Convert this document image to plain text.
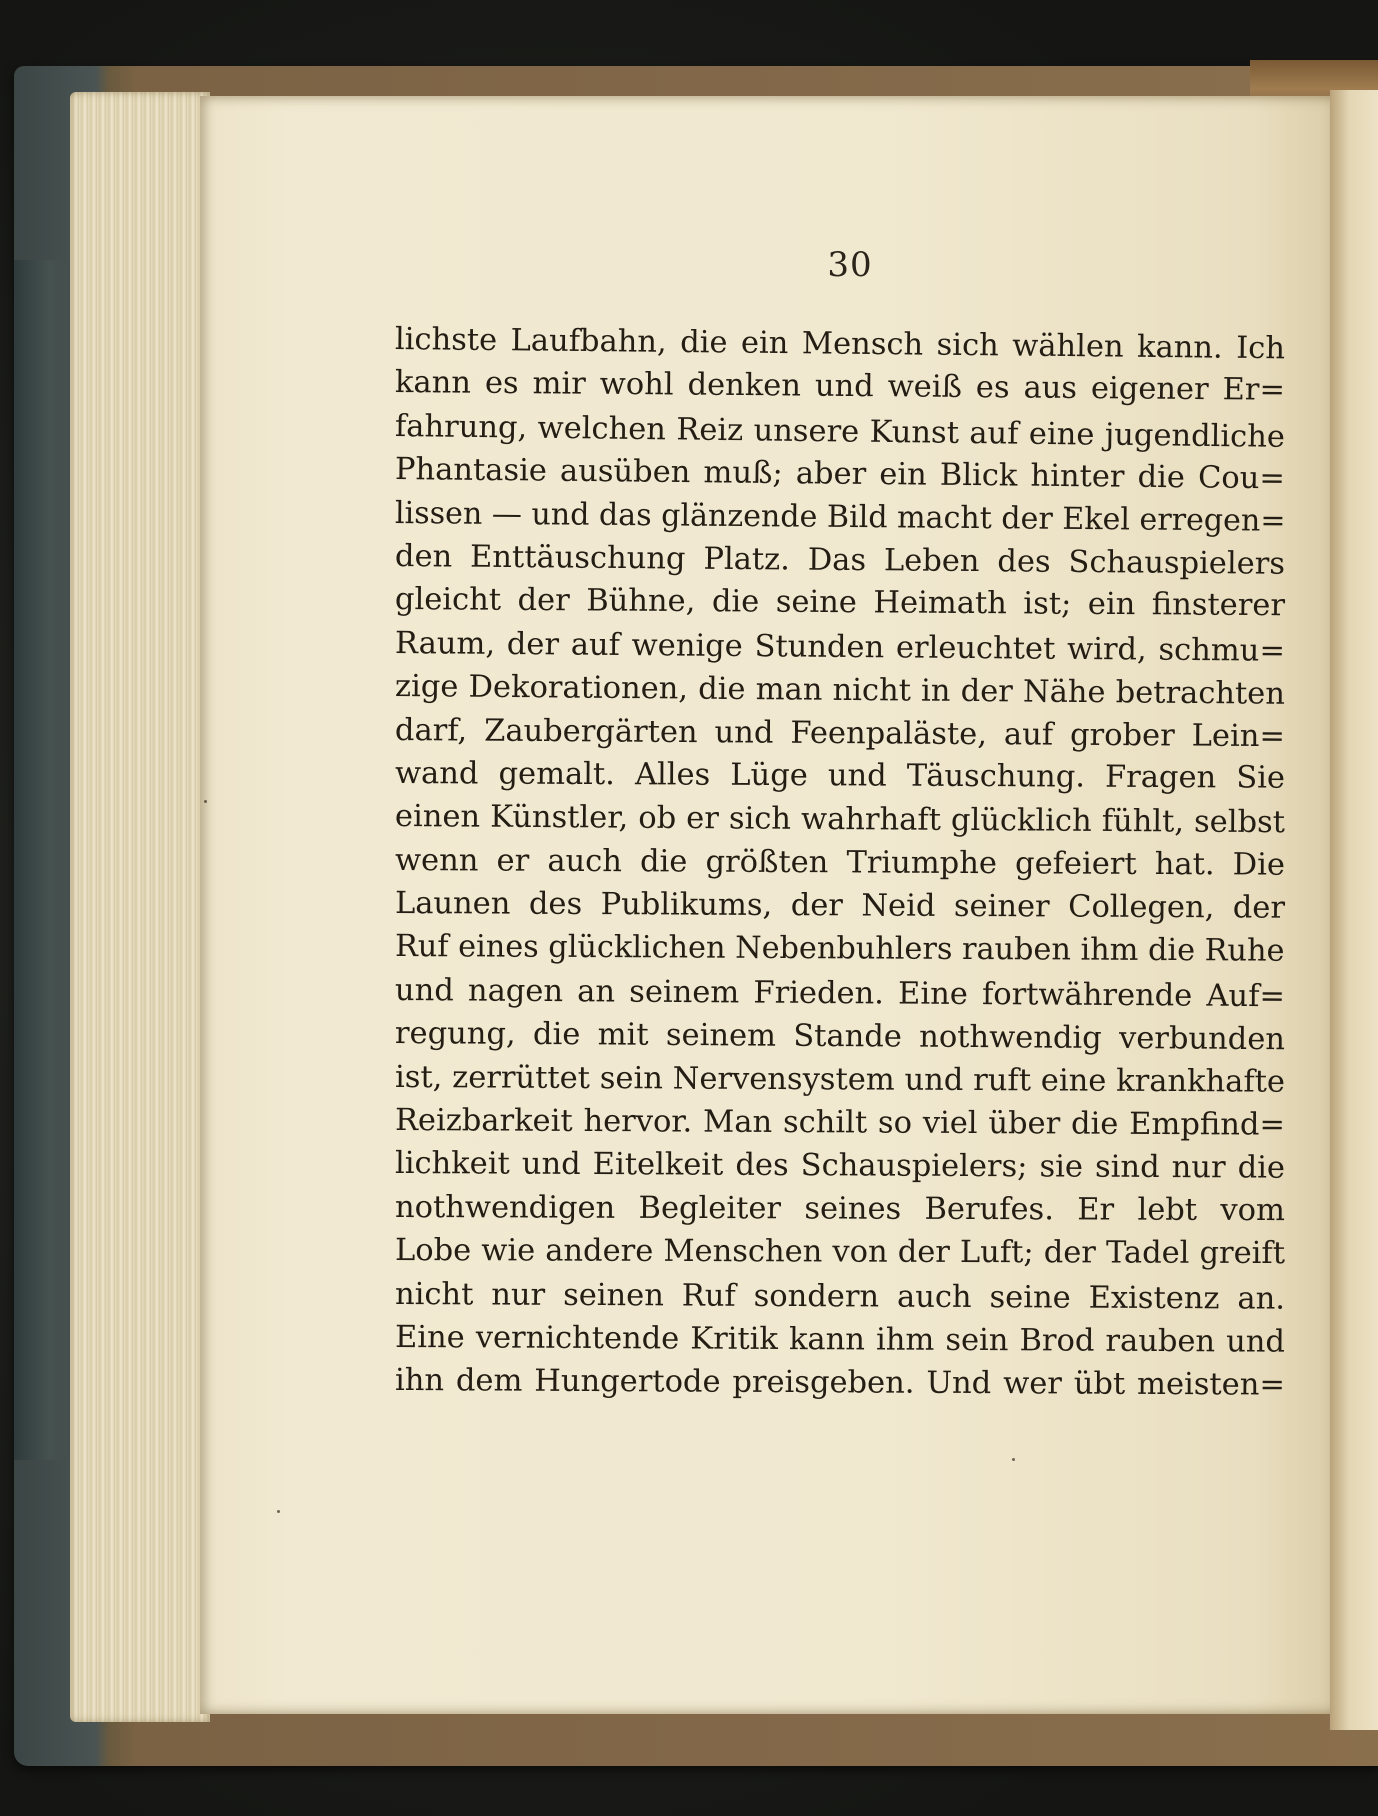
30
lichste Laufbahn, die ein Mensch sich wählen kann. Ich
kann es mir wohl denken und weiß es aus eigener Er=
fahrung, welchen Reiz unsere Kunst auf eine jugendliche
Phantasie ausüben muß; aber ein Blick hinter die Cou=
lissen — und das glänzende Bild macht der Ekel erregen=
den Enttäuschung Platz. Das Leben des Schauspielers
gleicht der Bühne, die seine Heimath ist; ein finsterer
Raum, der auf wenige Stunden erleuchtet wird, schmu=
zige Dekorationen, die man nicht in der Nähe betrachten
darf, Zaubergärten und Feenpaläste, auf grober Lein=
wand gemalt. Alles Lüge und Täuschung. Fragen Sie
einen Künstler, ob er sich wahrhaft glücklich fühlt, selbst
wenn er auch die größten Triumphe gefeiert hat. Die
Launen des Publikums, der Neid seiner Collegen, der
Ruf eines glücklichen Nebenbuhlers rauben ihm die Ruhe
und nagen an seinem Frieden. Eine fortwährende Auf=
regung, die mit seinem Stande nothwendig verbunden
ist, zerrüttet sein Nervensystem und ruft eine krankhafte
Reizbarkeit hervor. Man schilt so viel über die Empfind=
lichkeit und Eitelkeit des Schauspielers; sie sind nur die
nothwendigen Begleiter seines Berufes. Er lebt vom
Lobe wie andere Menschen von der Luft; der Tadel greift
nicht nur seinen Ruf sondern auch seine Existenz an.
Eine vernichtende Kritik kann ihm sein Brod rauben und
ihn dem Hungertode preisgeben. Und wer übt meisten=
